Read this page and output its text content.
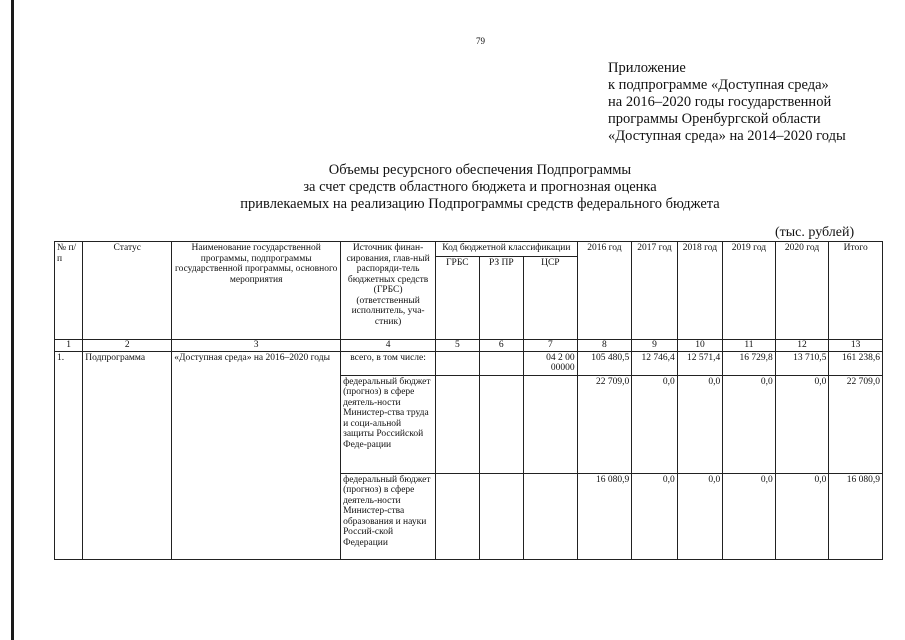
79
Приложение
к подпрограмме «Доступная среда»
на 2016–2020 годы государственной
программы Оренбургской области
«Доступная среда» на 2014–2020 годы
Объемы ресурсного обеспечения Подпрограммы
за счет средств областного бюджета и прогнозная оценка
привлекаемых на реализацию Подпрограммы средств федерального бюджета
(тыс. рублей)
№ п/п	Статус	Наименование государственной программы, подпрограммы государственной программы, основного мероприятия	Источник финан-сирования, глав-ный распоряди-тель бюджетных средств (ГРБС) (ответственный исполнитель, уча-стник)	Код бюджетной классификации			2016 год	2017 год	2018 год	2019 год	2020 год	Итого
				ГРБС	РЗ ПР	ЦСР						
1	2	3	4	5	6	7	8	9	10	11	12	13
1.	Подпрограмма	«Доступная среда» на 2016–2020 годы	всего, в том числе:			04 2 00 00000	105 480,5	12 746,4	12 571,4	16 729,8	13 710,5	161 238,6
			федеральный бюджет (прогноз) в сфере деятель-ности Министер-ства труда и соци-альной защиты Российской Феде-рации				22 709,0	0,0	0,0	0,0	0,0	22 709,0
			федеральный бюджет (прогноз) в сфере деятель-ности Министер-ства образования и науки Россий-ской Федерации				16 080,9	0,0	0,0	0,0	0,0	16 080,9
